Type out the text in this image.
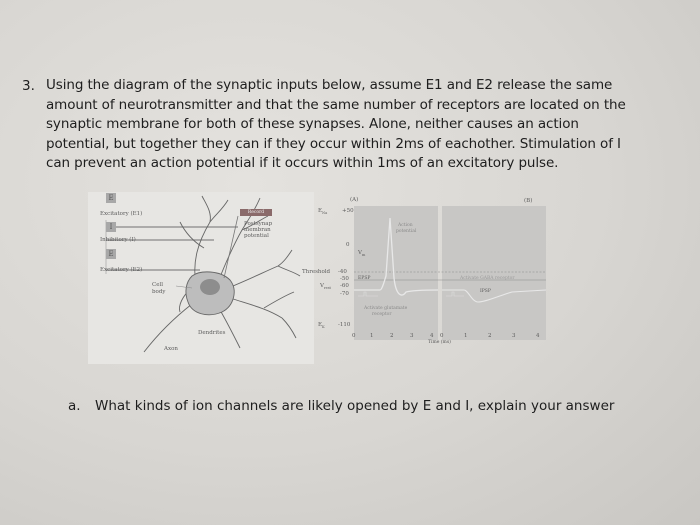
3. Using the diagram of the synaptic inputs below, assume E1 and E2 release the same
amount of neurotransmitter and that the same number of receptors are located on the
synaptic membrane for both of these synapses. Alone, neither causes an action
potential, but together they can if they occur within 2ms of eachother. Stimulation of I
can prevent an action potential if it occurs within 1ms of an excitatory pulse.
E
Excitatory (E1)
I
Inhibitory (I)
E
Excitatory (E2)
Record
Postsynap
membran
potential
Cell
body
Dendrites
Axon
(A)	(B)
$E_{Na}$	+50
0
$V_m$
Threshold -40
-50
$V_{rest}$ -60
-70
$E_K$ -110
Action
potential
EPSP	Activate GABA receptor
IPSP
Activate glutamate
receptor
0	1	2	3	4 0	1	2	3	4
Time (ms)
a. What kinds of ion channels are likely opened by E and I, explain your answer
